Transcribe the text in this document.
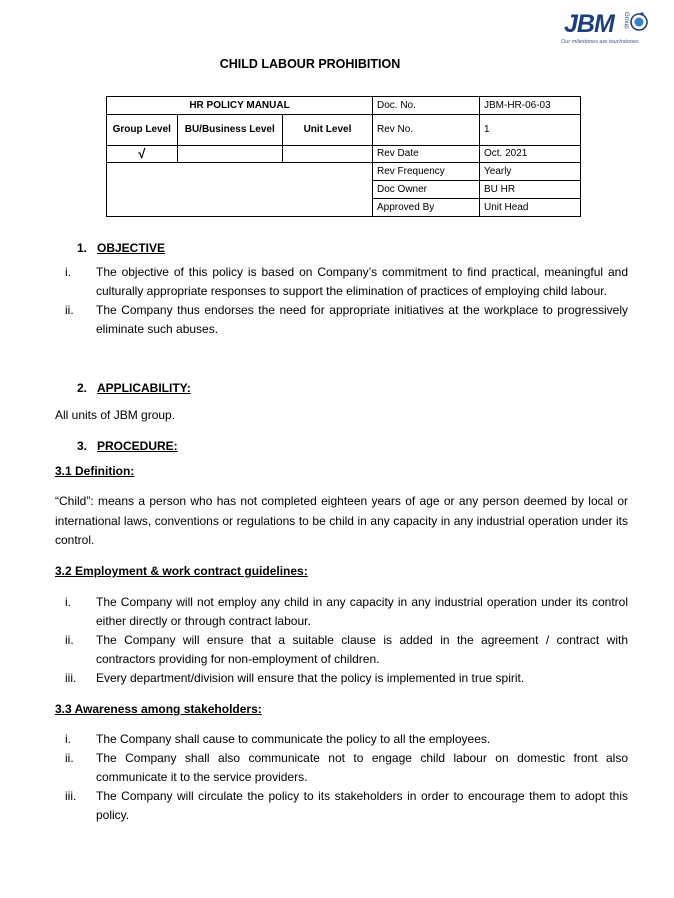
JBM Group
Our milestones are touchstones
CHILD LABOUR PROHIBITION
HR POLICY MANUAL			Doc. No.	JBM-HR-06-03
Group Level	BU/Business Level	Unit Level	Rev No.	1
√			Rev Date	Oct. 2021
			Rev Frequency	Yearly
			Doc Owner	BU HR
			Approved By	Unit Head
1. OBJECTIVE
i. The objective of this policy is based on Company’s commitment to find practical, meaningful and culturally appropriate responses to support the elimination of practices of employing child labour.
ii. The Company thus endorses the need for appropriate initiatives at the workplace to progressively eliminate such abuses.
2. APPLICABILITY:
All units of JBM group.
3. PROCEDURE:
3.1 Definition:
“Child”: means a person who has not completed eighteen years of age or any person deemed by local or international laws, conventions or regulations to be child in any capacity in any industrial operation under its control.
3.2 Employment & work contract guidelines:
i. The Company will not employ any child in any capacity in any industrial operation under its control either directly or through contract labour.
ii. The Company will ensure that a suitable clause is added in the agreement / contract with contractors providing for non-employment of children.
iii. Every department/division will ensure that the policy is implemented in true spirit.
3.3 Awareness among stakeholders:
i. The Company shall cause to communicate the policy to all the employees.
ii. The Company shall also communicate not to engage child labour on domestic front also communicate it to the service providers.
iii. The Company will circulate the policy to its stakeholders in order to encourage them to adopt this policy.
